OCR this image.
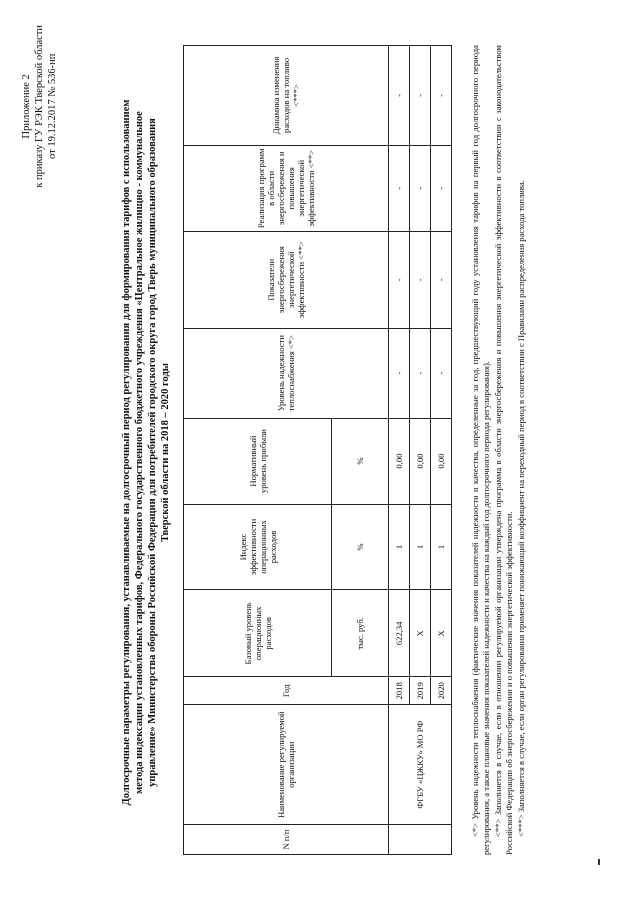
Приложение 2 к приказу ГУ РЭК Тверской области от 19.12.2017 № 536-нп	Долгосрочные параметры регулирования, устанавливаемые на долгосрочный период регулирования для формирования тарифов с использованием метода индексации установленных тарифов, Федерального государственного бюджетного учреждения «Центральное жилищно - коммунальное управление» Министерства обороны Российской Федерации для потребителей городского округа город Тверь муниципального образования Тверской области на 2018 – 2020 годы
N п/п	Наименование регулируемой организации	Год	Базовый уровень операционных расходов	Индекс эффективности операционных расходов	Нормативный уровень прибыли	Уровень надежности теплоснабжения <*>	Показатели энергосбережения энергетической эффективности <**>	Реализация программ в области энергосбережения и повышения энергетической эффективности <**>	Динамика изменения расходов на топливо <***>
			тыс. руб.	%	%				
	ФГБУ «ЦЖКУ» МО РФ	2018	622,34	1	0,00	-	-	-	-
		2019	X	1	0,00	-	-	-	-
		2020	X	1	0,00	-	-	-	-	<*> Уровень надежности теплоснабжения (фактические значения показателей надежности и качества, определенные за год, предшествующий году установления тарифов на первый год долгосрочного периода регулирования, а также плановые значения показателей надежности и качества на каждый год долгосрочного периода регулирования). <**> Заполняется в случае, если в отношении регулируемой организации утверждена программа в области энергосбережения и повышения энергетической эффективности в соответствии с законодательством Российской Федерации об энергосбережении и о повышении энергетической эффективности. <***> Заполняется в случае, если орган регулирования применяет понижающий коэффициент на переходный период в соответствии с Правилами распределения расхода топлива.
